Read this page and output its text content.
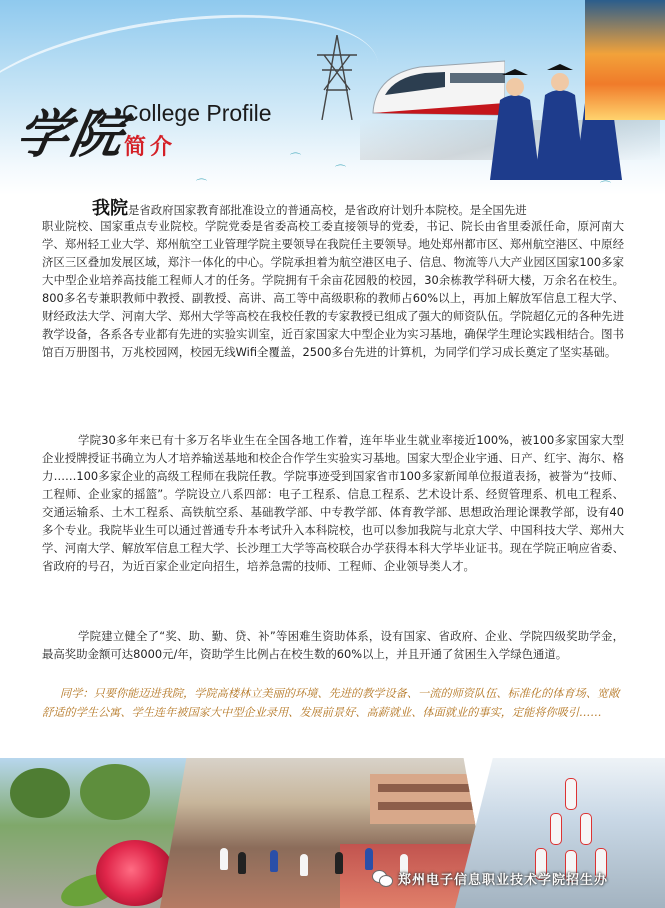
⌒
⌒
⌒	⌒
学院
College Profile
简介

我院是省政府国家教育部批准设立的普通高校，是省政府计划升本院校。是全国先进

职业院校、国家重点专业院校。学院党委是省委高校工委直接领导的党委，书记、院长由省里委派任命，原河南大学、郑州轻工业大学、郑州航空工业管理学院主要领导在我院任主要领导。地处郑州都市区、郑州航空港区、中原经济区三区叠加发展区域，郑汴一体化的中心。学院承担着为航空港区电子、信息、物流等八大产业园区国家100多家大中型企业培养高技能工程师人才的任务。学院拥有千余亩花园般的校园，30余栋教学科研大楼，万余名在校生。800多名专兼职教师中教授、副教授、高讲、高工等中高级职称的教师占60%以上，再加上解放军信息工程大学、财经政法大学、河南大学、郑州大学等高校在我校任教的专家教授已组成了强大的师资队伍。学院超亿元的各种先进教学设备，各系各专业都有先进的实验实训室，近百家国家大中型企业为实习基地，确保学生理论实践相结合。图书馆百万册图书，万兆校园网，校园无线Wifi全覆盖，2500多台先进的计算机，为同学们学习成长奠定了坚实基础。

学院30多年来已有十多万名毕业生在全国各地工作着，连年毕业生就业率接近100%，被100多家国家大型企业授牌授证书确立为人才培养输送基地和校企合作学生实验实习基地。国家大型企业宇通、日产、红宇、海尔、格力……100多家企业的高级工程师在我院任教。学院事迹受到国家省市100多家新闻单位报道表扬，被誉为“技师、工程师、企业家的摇篮”。学院设立八系四部：电子工程系、信息工程系、艺术设计系、经贸管理系、机电工程系、交通运输系、土木工程系、高铁航空系、基础教学部、中专教学部、体育教学部、思想政治理论课教学部，设有40多个专业。我院毕业生可以通过普通专升本考试升入本科院校，也可以参加我院与北京大学、中国科技大学、郑州大学、河南大学、解放军信息工程大学、长沙理工大学等高校联合办学获得本科大学毕业证书。现在学院正响应省委、省政府的号召，为近百家企业定向招生，培养急需的技师、工程师、企业领导类人才。

学院建立健全了“奖、助、勤、贷、补”等困难生资助体系，设有国家、省政府、企业、学院四级奖助学金，最高奖助金额可达8000元/年，资助学生比例占在校生数的60%以上，并且开通了贫困生入学绿色通道。

同学：只要你能迈进我院，学院高楼林立美丽的环境、先进的教学设备、一流的师资队伍、标准化的体育场、宽敞舒适的学生公寓、学生连年被国家大中型企业录用、发展前景好、高薪就业、体面就业的事实，定能将你吸引……

郑州电子信息职业技术学院招生办
